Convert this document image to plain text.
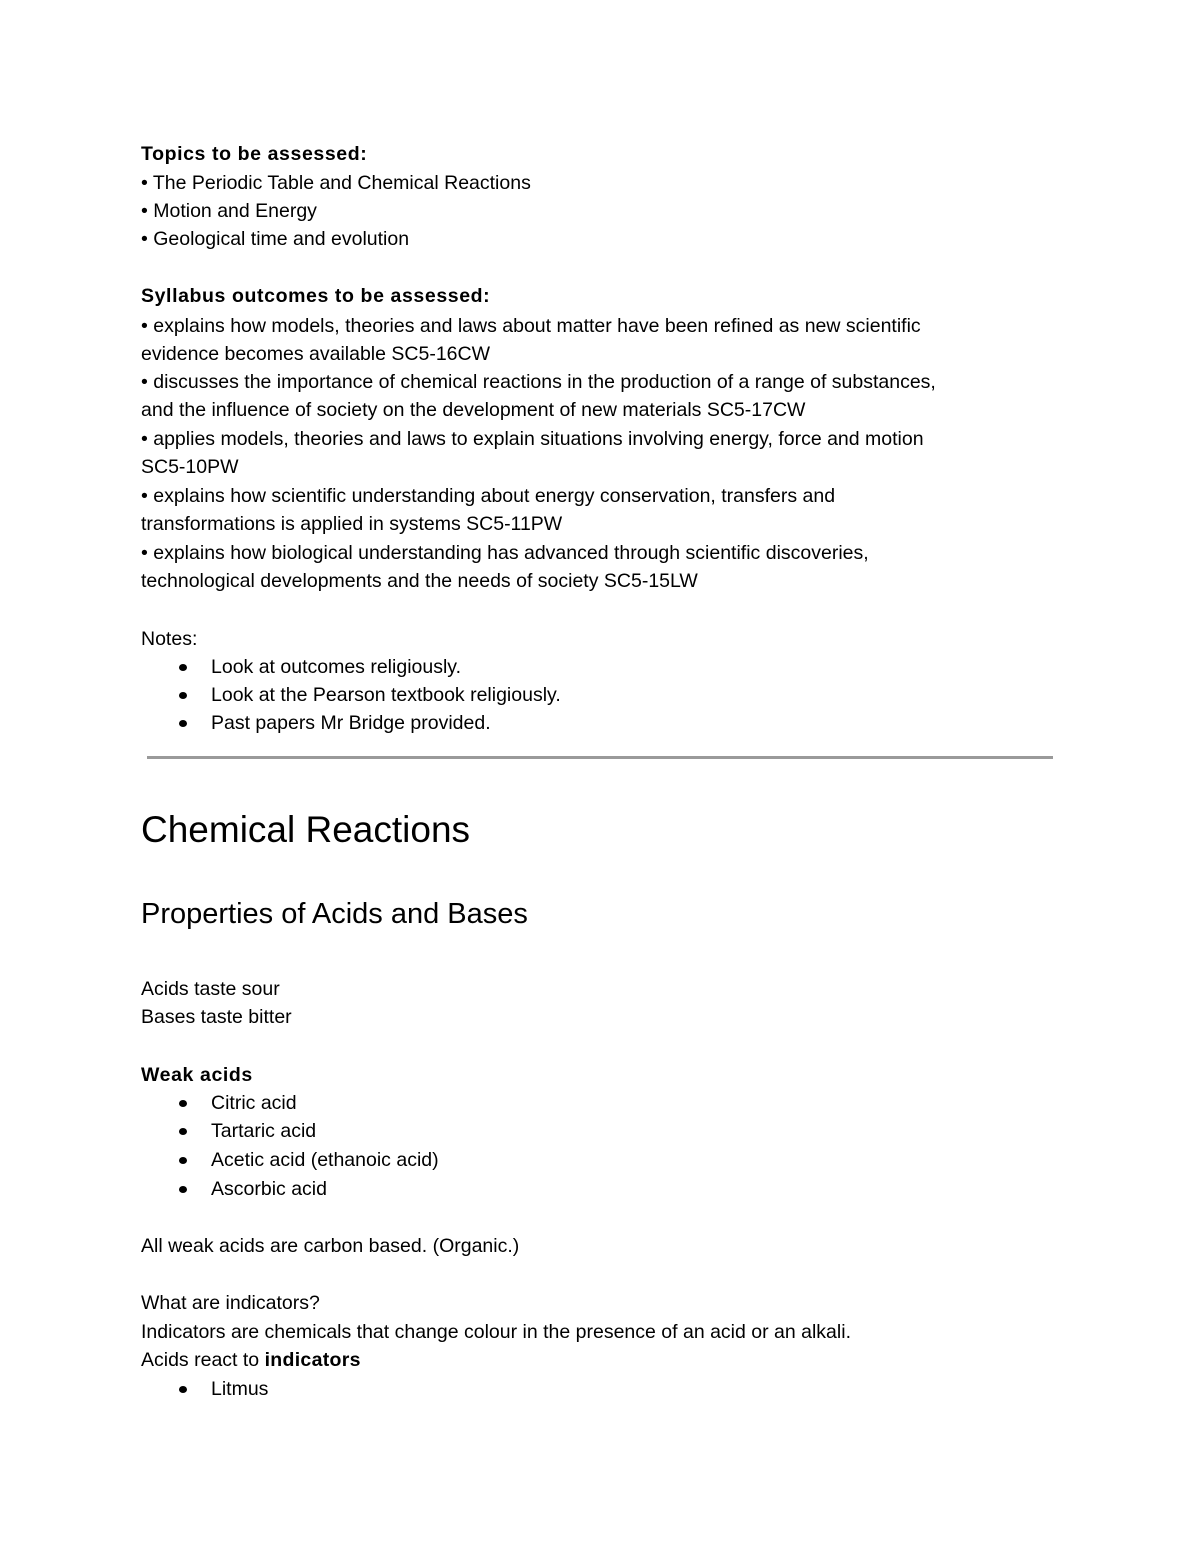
Topics to be assessed:
• The Periodic Table and Chemical Reactions
• Motion and Energy
• Geological time and evolution
Syllabus outcomes to be assessed:
• explains how models, theories and laws about matter have been refined as new scientific
evidence becomes available SC5-16CW
• discusses the importance of chemical reactions in the production of a range of substances,
and the influence of society on the development of new materials SC5-17CW
• applies models, theories and laws to explain situations involving energy, force and motion
SC5-10PW
• explains how scientific understanding about energy conservation, transfers and
transformations is applied in systems SC5-11PW
• explains how biological understanding has advanced through scientific discoveries,
technological developments and the needs of society SC5-15LW
Notes:
Look at outcomes religiously.
Look at the Pearson textbook religiously.
Past papers Mr Bridge provided.
Chemical Reactions
Properties of Acids and Bases
Acids taste sour
Bases taste bitter
Weak acids
Citric acid
Tartaric acid
Acetic acid (ethanoic acid)
Ascorbic acid
All weak acids are carbon based. (Organic.)
What are indicators?
Indicators are chemicals that change colour in the presence of an acid or an alkali.
Acids react to indicators
Litmus
